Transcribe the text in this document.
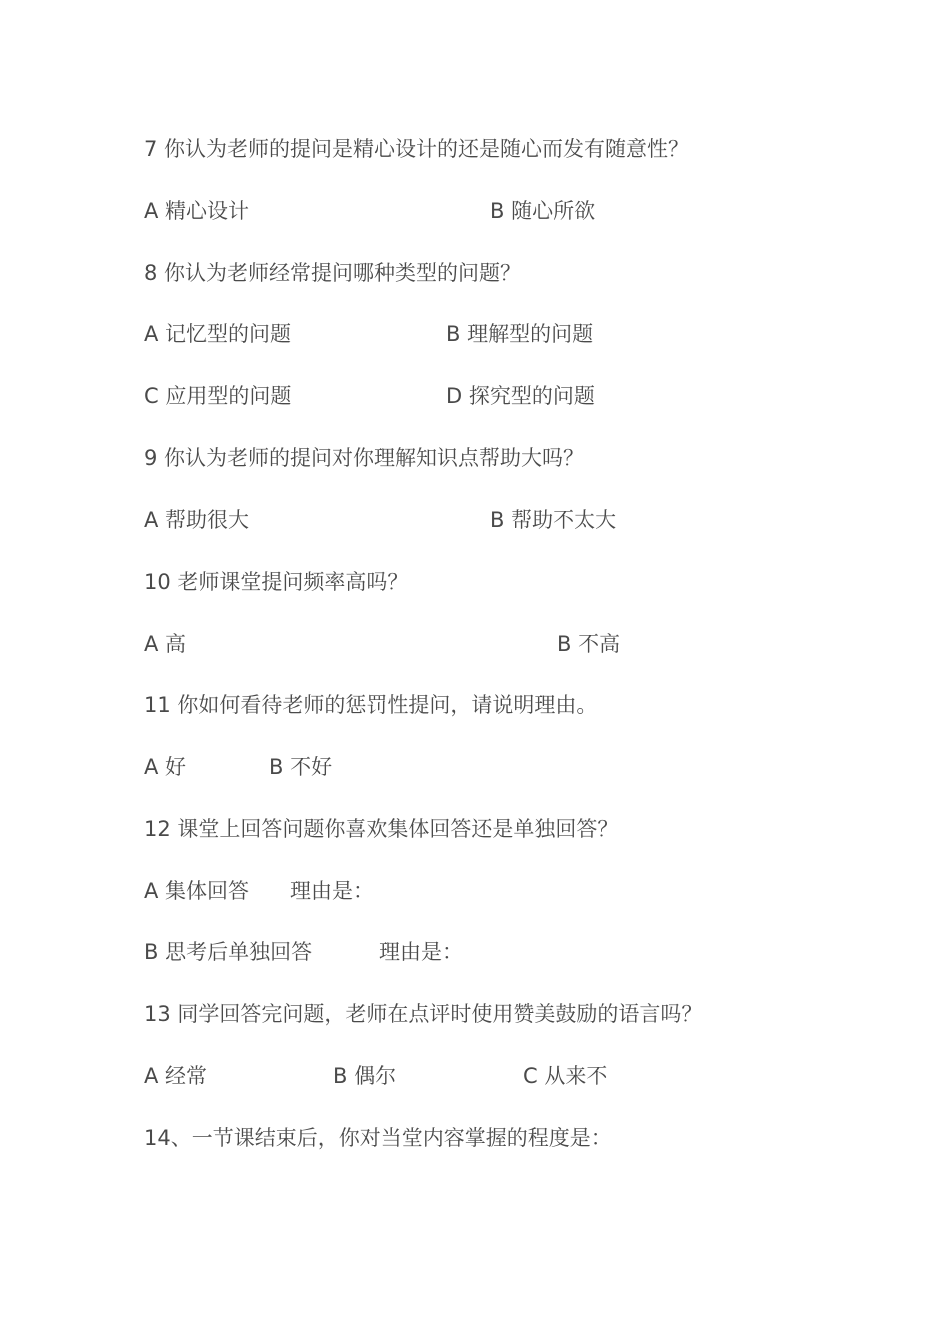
7 你认为老师的提问是精心设计的还是随心而发有随意性？
A 精心设计	B 随心所欲
8 你认为老师经常提问哪种类型的问题？
A 记忆型的问题	B 理解型的问题
C 应用型的问题	D 探究型的问题
9 你认为老师的提问对你理解知识点帮助大吗？
A 帮助很大	B 帮助不太大
10 老师课堂提问频率高吗？
A 高	B 不高
11 你如何看待老师的惩罚性提问，请说明理由。
A 好	B 不好
12 课堂上回答问题你喜欢集体回答还是单独回答？
A 集体回答 理由是：
B 思考后单独回答	理由是：
13 同学回答完问题，老师在点评时使用赞美鼓励的语言吗？
A 经常	B 偶尔	C 从来不
14、一节课结束后，你对当堂内容掌握的程度是：
